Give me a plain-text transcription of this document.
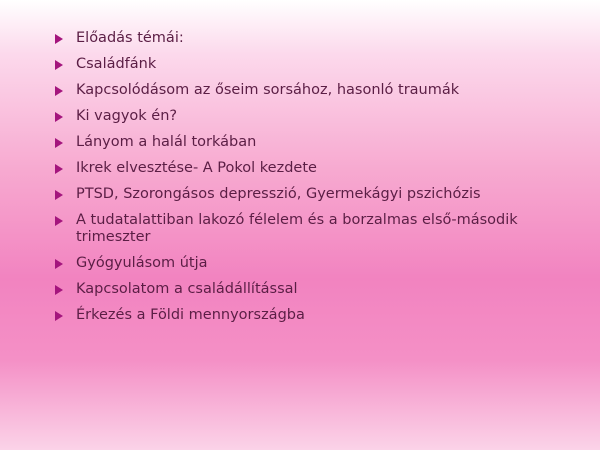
Előadás témái:
Családfánk
Kapcsolódásom az őseim sorsához, hasonló traumák
Ki vagyok én?
Lányom a halál torkában
Ikrek elvesztése- A Pokol kezdete
PTSD, Szorongásos depresszió, Gyermekágyi pszichózis
A tudatalattiban lakozó félelem és a borzalmas első-második trimeszter
Gyógyulásom útja
Kapcsolatom a családállítással
Érkezés a Földi mennyországba
